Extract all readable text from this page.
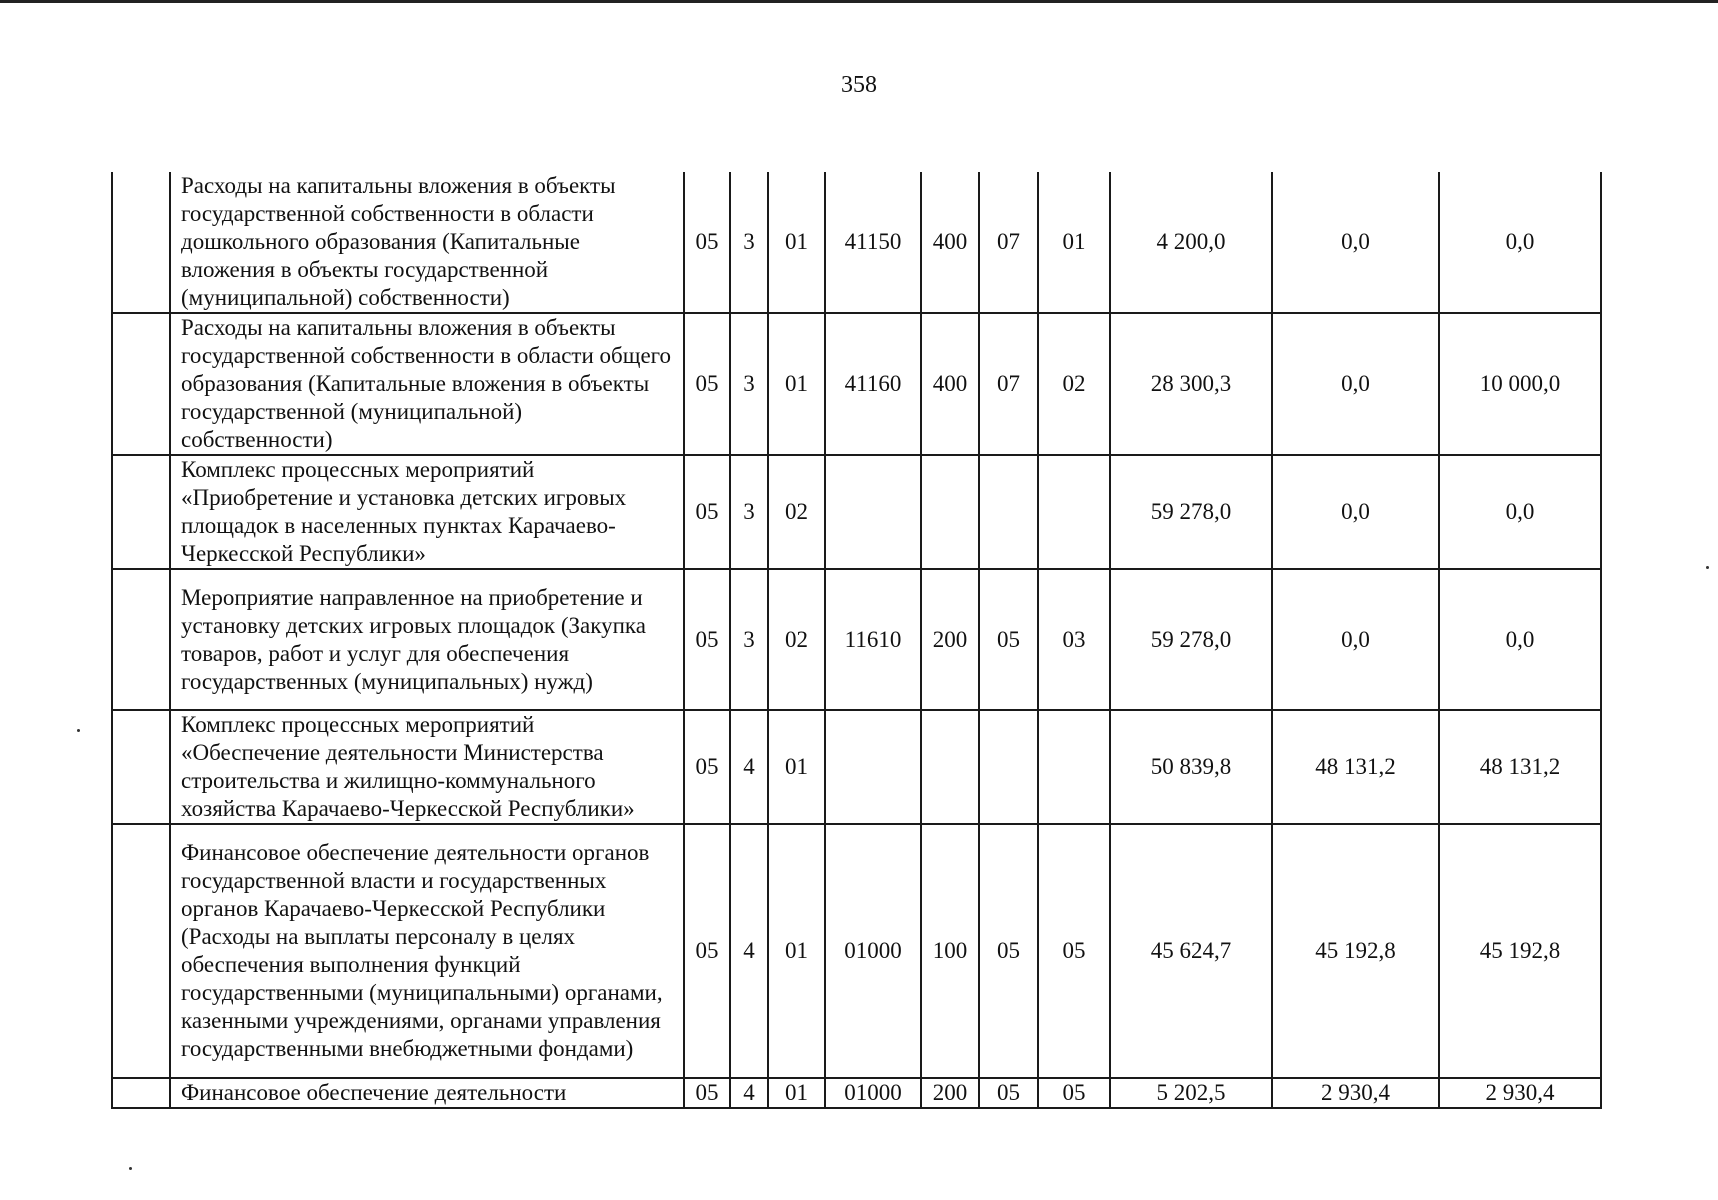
358
	Расходы на капитальны вложения в объекты государственной собственности в области дошкольного образования (Капитальные вложения в объекты государственной (муниципальной) собственности)	05	3	01	41150	400	07	01	4 200,0	0,0	0,0
	Расходы на капитальны вложения в объекты государственной собственности в области общего образования (Капитальные вложения в объекты государственной (муниципальной) собственности)	05	3	01	41160	400	07	02	28 300,3	0,0	10 000,0
	Комплекс процессных мероприятий «Приобретение и установка детских игровых площадок в населенных пунктах Карачаево-Черкесской Республики»	05	3	02					59 278,0	0,0	0,0
	Мероприятие направленное на приобретение и установку детских игровых площадок (Закупка товаров, работ и услуг для обеспечения государственных (муниципальных) нужд)	05	3	02	11610	200	05	03	59 278,0	0,0	0,0
	Комплекс процессных мероприятий «Обеспечение деятельности Министерства строительства и жилищно-коммунального хозяйства Карачаево-Черкесской Республики»	05	4	01					50 839,8	48 131,2	48 131,2
	Финансовое обеспечение деятельности органов государственной власти и государственных органов Карачаево-Черкесской Республики (Расходы на выплаты персоналу в целях обеспечения выполнения функций государственными (муниципальными) органами, казенными учреждениями, органами управления государственными внебюджетными фондами)	05	4	01	01000	100	05	05	45 624,7	45 192,8	45 192,8
	Финансовое обеспечение деятельности	05	4	01	01000	200	05	05	5 202,5	2 930,4	2 930,4
